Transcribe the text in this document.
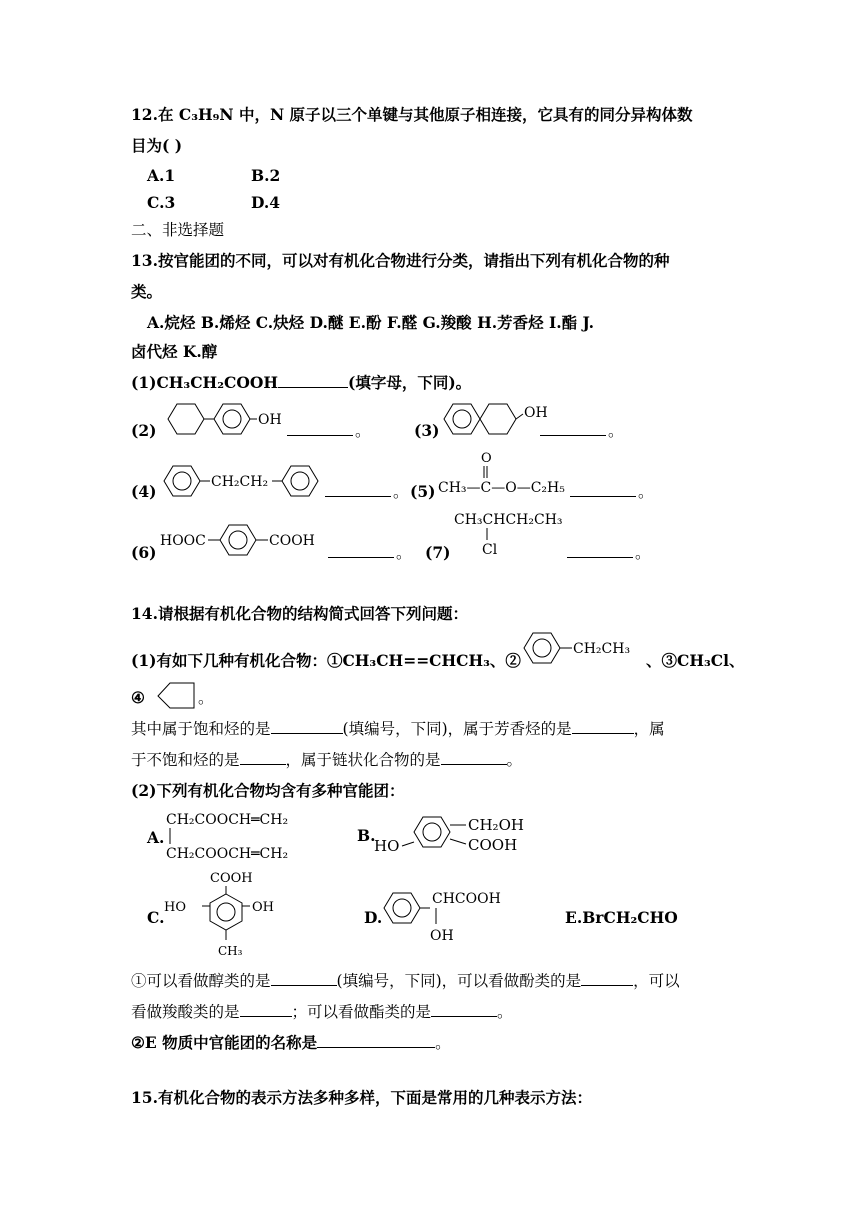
12.在 C₃H₉N 中，N 原子以三个单键与其他原子相连接，它具有的同分异构体数
目为( )
A.1	B.2
C.3	D.4
二、非选择题
13.按官能团的不同，可以对有机化合物进行分类，请指出下列有机化合物的种
类。
A.烷烃 B.烯烃 C.炔烃 D.醚 E.酚 F.醛 G.羧酸 H.芳香烃 I.酯 J.
卤代烃 K.醇
(1)CH₃CH₂COOH	(填字母，下同)。
(2)
OH
。	(3)
OH
。
(4)	CH₂CH₂
。 (5)
O
CH₃—C—O—C₂H₅	。
(6)
HOOC	COOH
。 (7)
CH₃CHCH₂CH₃
Cl	。
14.请根据有机化合物的结构简式回答下列问题：
(1)有如下几种有机化合物：①CH₃CH==CHCH₃、②
CH₂CH₃
、③CH₃Cl、
④	。
其中属于饱和烃的是	(填编号，下同)，属于芳香烃的是	，属
于不饱和烃的是	，属于链状化合物的是	。
(2)下列有机化合物均含有多种官能团：
A.
CH₂COOCH═CH₂
CH₂COOCH═CH₂
B.
HO
CH₂OH
COOH
C.
COOH
HO	OH
CH₃
D.
CHCOOH
OH
E.BrCH₂CHO
①可以看做醇类的是	(填编号，下同)，可以看做酚类的是	，可以
看做羧酸类的是	；可以看做酯类的是	。
②E 物质中官能团的名称是	。
15.有机化合物的表示方法多种多样，下面是常用的几种表示方法：
